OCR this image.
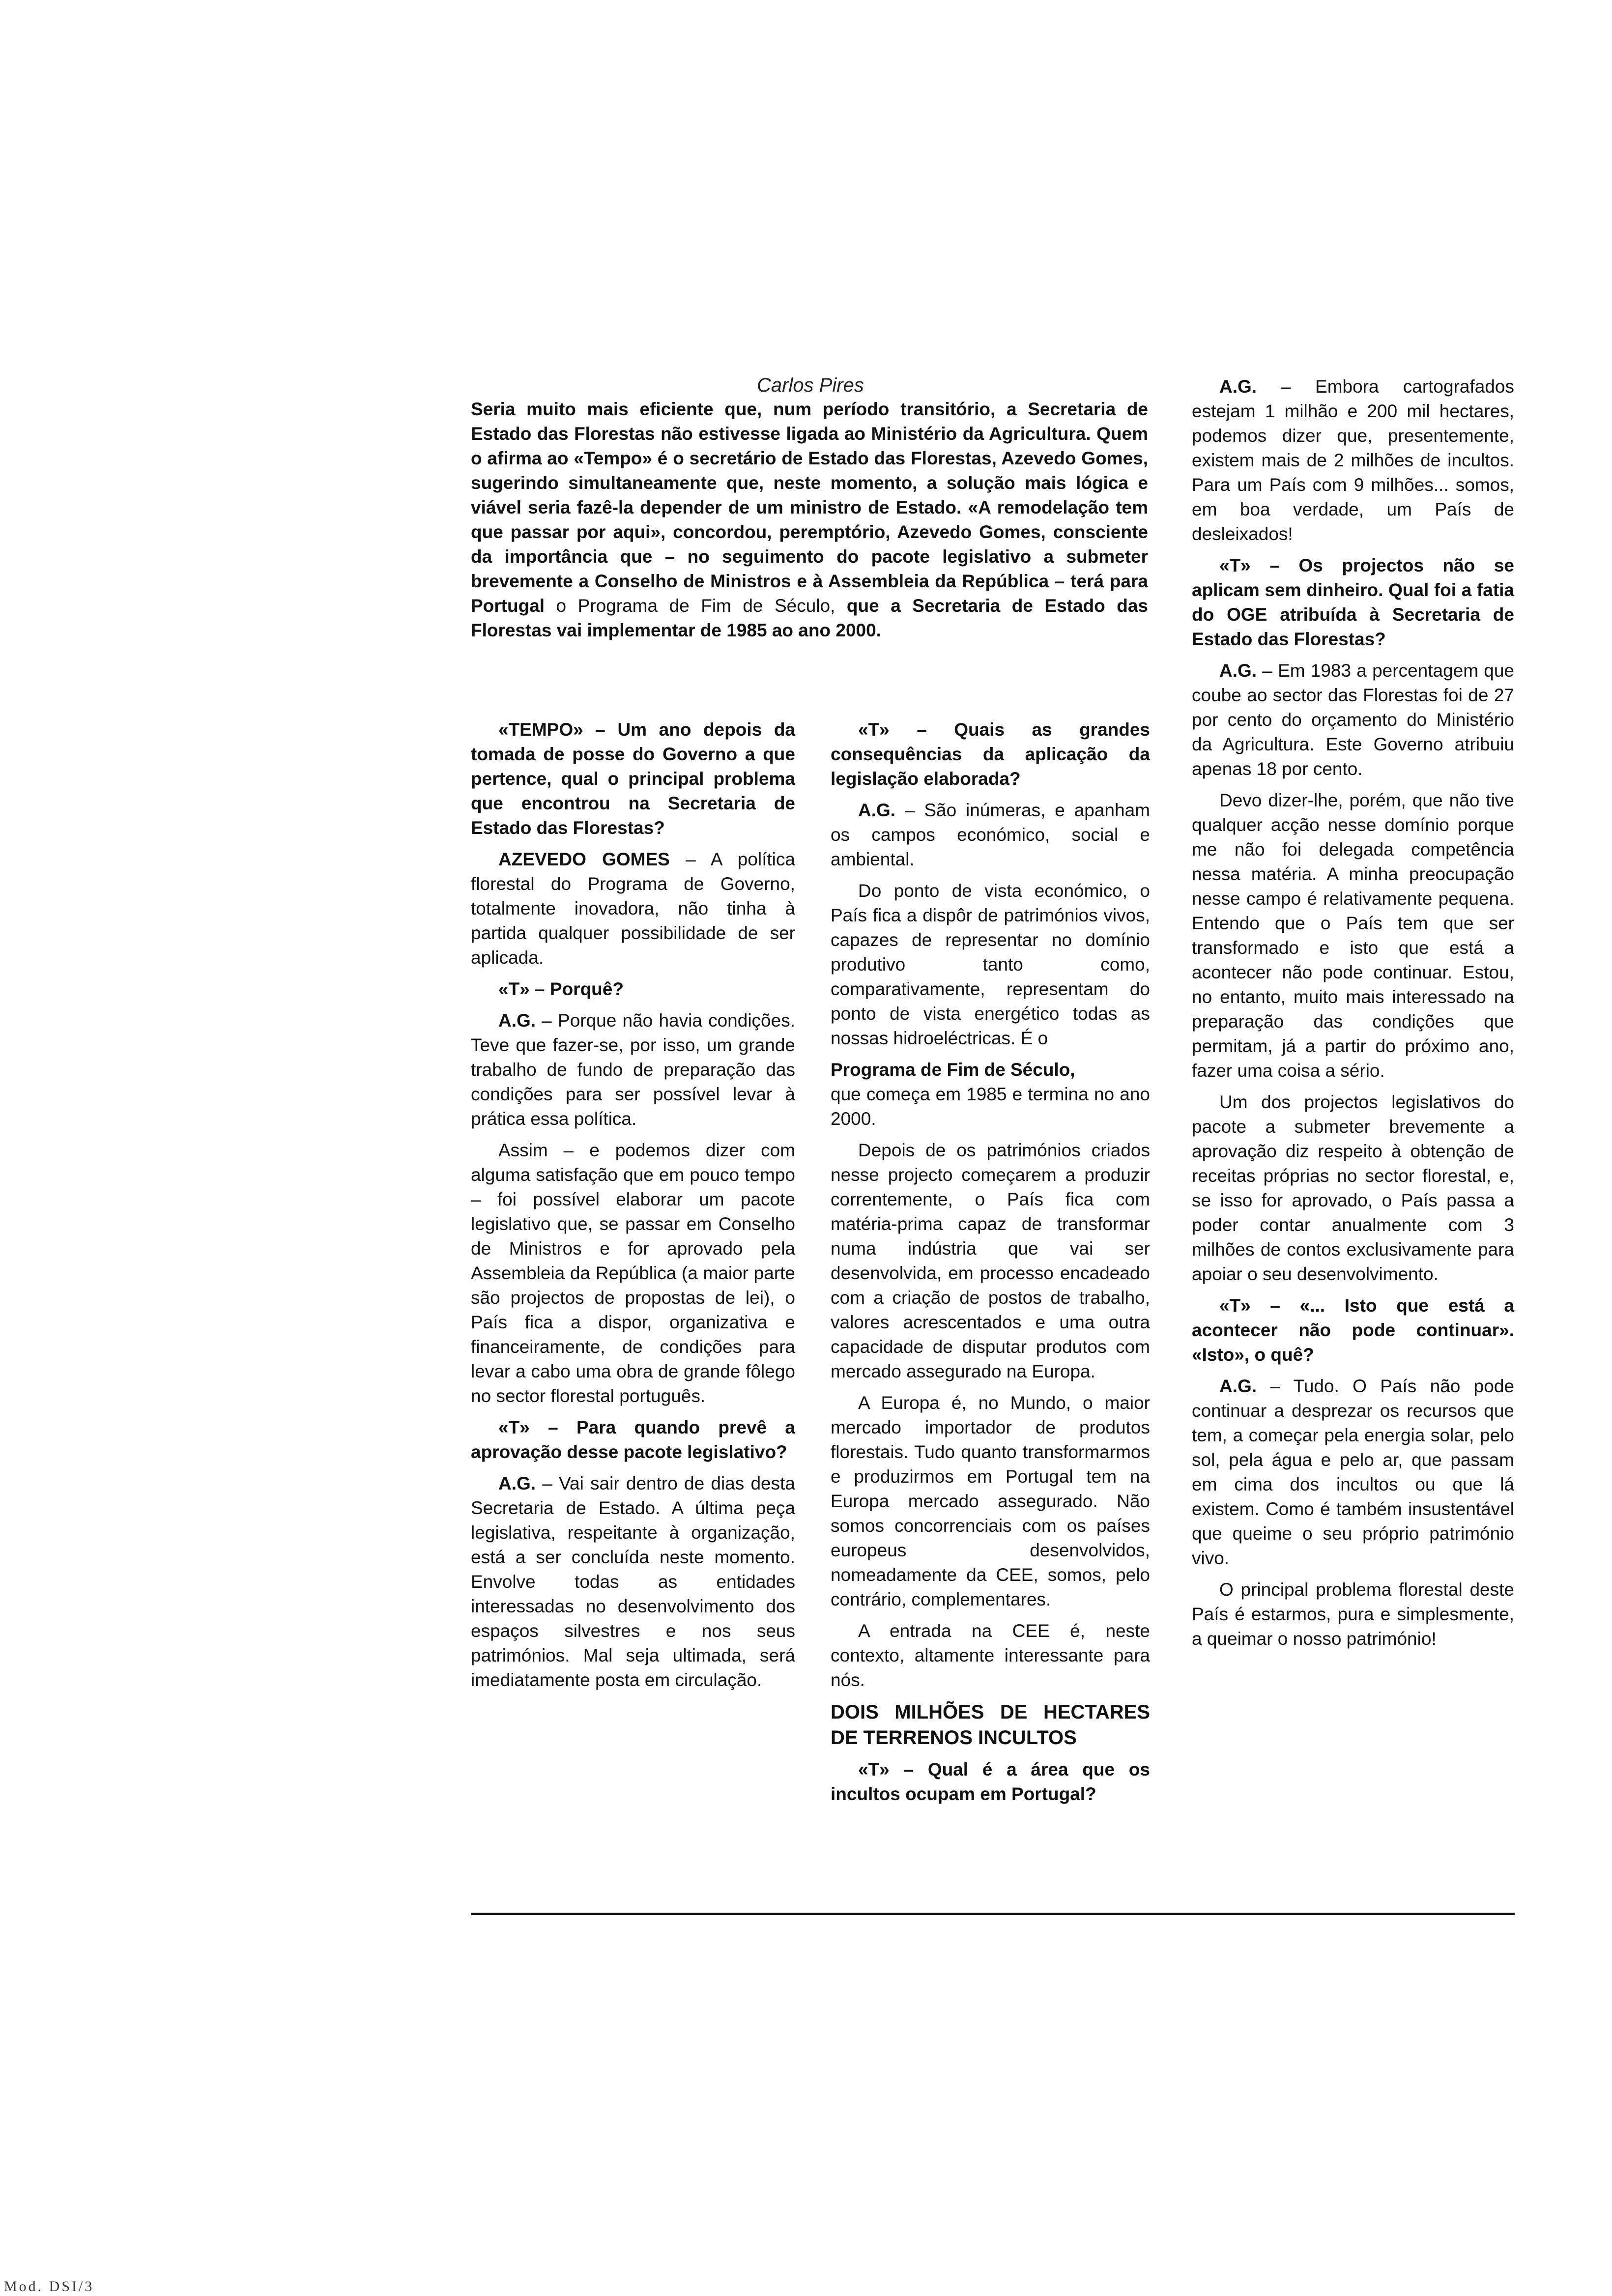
Carlos Pires
Seria muito mais eficiente que, num período transitório, a Secretaria de Estado das Florestas não estivesse ligada ao Ministério da Agricultura. Quem o afirma ao «Tempo» é o secretário de Estado das Florestas, Azevedo Gomes, sugerindo simultaneamente que, neste momento, a solução mais lógica e viável seria fazê-la depender de um ministro de Estado. «A remodelação tem que passar por aqui», concordou, peremptório, Azevedo Gomes, consciente da importância que – no seguimento do pacote legislativo a submeter brevemente a Conselho de Ministros e à Assembleia da República – terá para Portugal o Programa de Fim de Século, que a Secretaria de Estado das Florestas vai implementar de 1985 ao ano 2000.

«TEMPO» – Um ano depois da tomada de posse do Governo a que pertence, qual o principal problema que encontrou na Secretaria de Estado das Florestas?

AZEVEDO GOMES – A política florestal do Programa de Governo, totalmente inovadora, não tinha à partida qualquer possibilidade de ser aplicada.

«T» – Porquê?

A.G. – Porque não havia condições. Teve que fazer-se, por isso, um grande trabalho de fundo de preparação das condições para ser possível levar à prática essa política.

Assim – e podemos dizer com alguma satisfação que em pouco tempo – foi possível elaborar um pacote legislativo que, se passar em Conselho de Ministros e for aprovado pela Assembleia da República (a maior parte são projectos de propostas de lei), o País fica a dispor, organizativa e financeiramente, de condições para levar a cabo uma obra de grande fôlego no sector florestal português.

«T» – Para quando prevê a aprovação desse pacote legislativo?

A.G. – Vai sair dentro de dias desta Secretaria de Estado. A última peça legislativa, respeitante à organização, está a ser concluída neste momento. Envolve todas as entidades interessadas no desenvolvimento dos espaços silvestres e nos seus patrimónios. Mal seja ultimada, será imediatamente posta em circulação.

«T» – Quais as grandes consequências da aplicação da legislação elaborada?

A.G. – São inúmeras, e apanham os campos económico, social e ambiental.

Do ponto de vista económico, o País fica a dispôr de patrimónios vivos, capazes de representar no domínio produtivo tanto como, comparativamente, representam do ponto de vista energético todas as nossas hidroeléctricas. É o

Programa de Fim de Século,

que começa em 1985 e termina no ano 2000.

Depois de os patrimónios criados nesse projecto começarem a produzir correntemente, o País fica com matéria-prima capaz de transformar numa indústria que vai ser desenvolvida, em processo encadeado com a criação de postos de trabalho, valores acrescentados e uma outra capacidade de disputar produtos com mercado assegurado na Europa.

A Europa é, no Mundo, o maior mercado importador de produtos florestais. Tudo quanto transformarmos e produzirmos em Portugal tem na Europa mercado assegurado. Não somos concorrenciais com os países europeus desenvolvidos, nomeadamente da CEE, somos, pelo contrário, complementares.

A entrada na CEE é, neste contexto, altamente interessante para nós.

DOIS MILHÕES DE HECTARES DE TERRENOS INCULTOS

«T» – Qual é a área que os incultos ocupam em Portugal?

A.G. – Embora cartografados estejam 1 milhão e 200 mil hectares, podemos dizer que, presentemente, existem mais de 2 milhões de incultos. Para um País com 9 milhões... somos, em boa verdade, um País de desleixados!

«T» – Os projectos não se aplicam sem dinheiro. Qual foi a fatia do OGE atribuída à Secretaria de Estado das Florestas?

A.G. – Em 1983 a percentagem que coube ao sector das Florestas foi de 27 por cento do orçamento do Ministério da Agricultura. Este Governo atribuiu apenas 18 por cento.

Devo dizer-lhe, porém, que não tive qualquer acção nesse domínio porque me não foi delegada competência nessa matéria. A minha preocupação nesse campo é relativamente pequena. Entendo que o País tem que ser transformado e isto que está a acontecer não pode continuar. Estou, no entanto, muito mais interessado na preparação das condições que permitam, já a partir do próximo ano, fazer uma coisa a sério.

Um dos projectos legislativos do pacote a submeter brevemente a aprovação diz respeito à obtenção de receitas próprias no sector florestal, e, se isso for aprovado, o País passa a poder contar anualmente com 3 milhões de contos exclusivamente para apoiar o seu desenvolvimento.

«T» – «... Isto que está a acontecer não pode continuar». «Isto», o quê?

A.G. – Tudo. O País não pode continuar a desprezar os recursos que tem, a começar pela energia solar, pelo sol, pela água e pelo ar, que passam em cima dos incultos ou que lá existem. Como é também insustentável que queime o seu próprio património vivo.

O principal problema florestal deste País é estarmos, pura e simplesmente, a queimar o nosso património!

Mod. DSI/3
